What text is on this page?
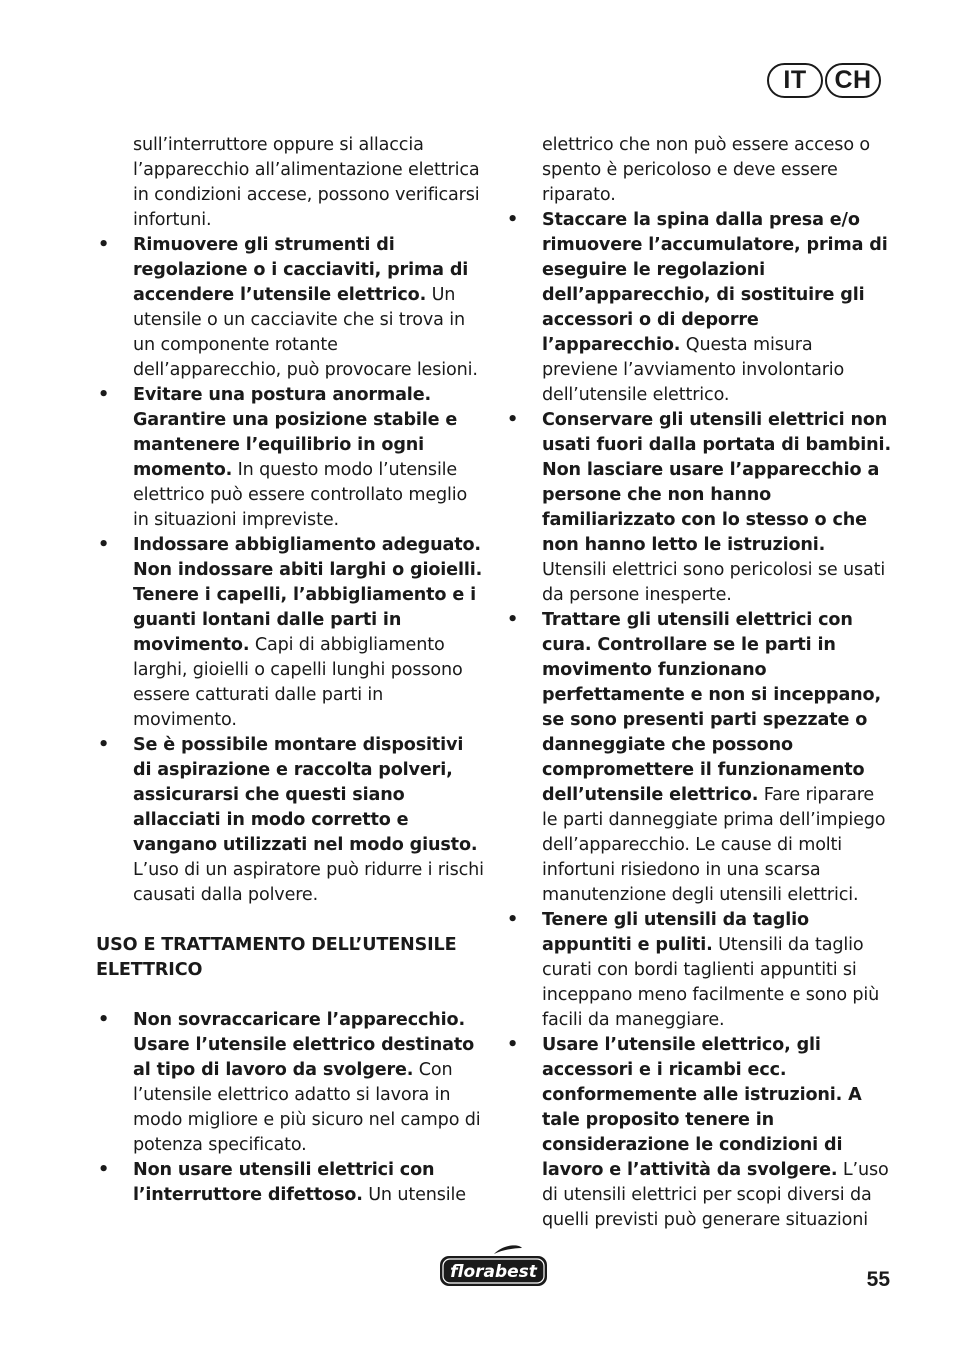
IT	CH
sull’interruttore oppure si allaccia l’apparecchio all’alimentazione elettrica in condizioni accese, possono verificarsi infortuni.
• Rimuovere gli strumenti di regolazione o i cacciaviti, prima di accendere l’utensile elettrico. Un utensile o un cacciavite che si trova in un componente rotante dell’apparecchio, può provocare lesioni.
• Evitare una postura anormale. Garantire una posizione stabile e mantenere l’equilibrio in ogni momento. In questo modo l’utensile elettrico può essere controllato meglio in situazioni impreviste.
• Indossare abbigliamento adeguato. Non indossare abiti larghi o gioielli. Tenere i capelli, l’abbigliamento e i guanti lontani dalle parti in movimento. Capi di abbigliamento larghi, gioielli o capelli lunghi possono essere catturati dalle parti in movimento.
• Se è possibile montare dispositivi di aspirazione e raccolta polveri, assicurarsi che questi siano allacciati in modo corretto e vangano utilizzati nel modo giusto. L’uso di un aspiratore può ridurre i rischi causati dalla polvere.
USO E TRATTAMENTO DELL’UTENSILE ELETTRICO
• Non sovraccaricare l’apparecchio. Usare l’utensile elettrico destinato al tipo di lavoro da svolgere. Con l’utensile elettrico adatto si lavora in modo migliore e più sicuro nel campo di potenza specificato.
• Non usare utensili elettrici con l’interruttore difettoso. Un utensile
elettrico che non può essere acceso o spento è pericoloso e deve essere riparato.
• Staccare la spina dalla presa e/o rimuovere l’accumulatore, prima di eseguire le regolazioni dell’apparecchio, di sostituire gli accessori o di deporre l’apparecchio. Questa misura previene l’avviamento involontario dell’utensile elettrico.
• Conservare gli utensili elettrici non usati fuori dalla portata di bambini. Non lasciare usare l’apparecchio a persone che non hanno familiarizzato con lo stesso o che non hanno letto le istruzioni. Utensili elettrici sono pericolosi se usati da persone inesperte.
• Trattare gli utensili elettrici con cura. Controllare se le parti in movimento funzionano perfettamente e non si inceppano, se sono presenti parti spezzate o danneggiate che possono compromettere il funzionamento dell’utensile elettrico. Fare riparare le parti danneggiate prima dell’impiego dell’apparecchio. Le cause di molti infortuni risiedono in una scarsa manutenzione degli utensili elettrici.
• Tenere gli utensili da taglio appuntiti e puliti. Utensili da taglio curati con bordi taglienti appuntiti si inceppano meno facilmente e sono più facili da maneggiare.
• Usare l’utensile elettrico, gli accessori e i ricambi ecc. conformemente alle istruzioni. A tale proposito tenere in considerazione le condizioni di lavoro e l’attività da svolgere. L’uso di utensili elettrici per scopi diversi da quelli previsti può generare situazioni
florabest	55
